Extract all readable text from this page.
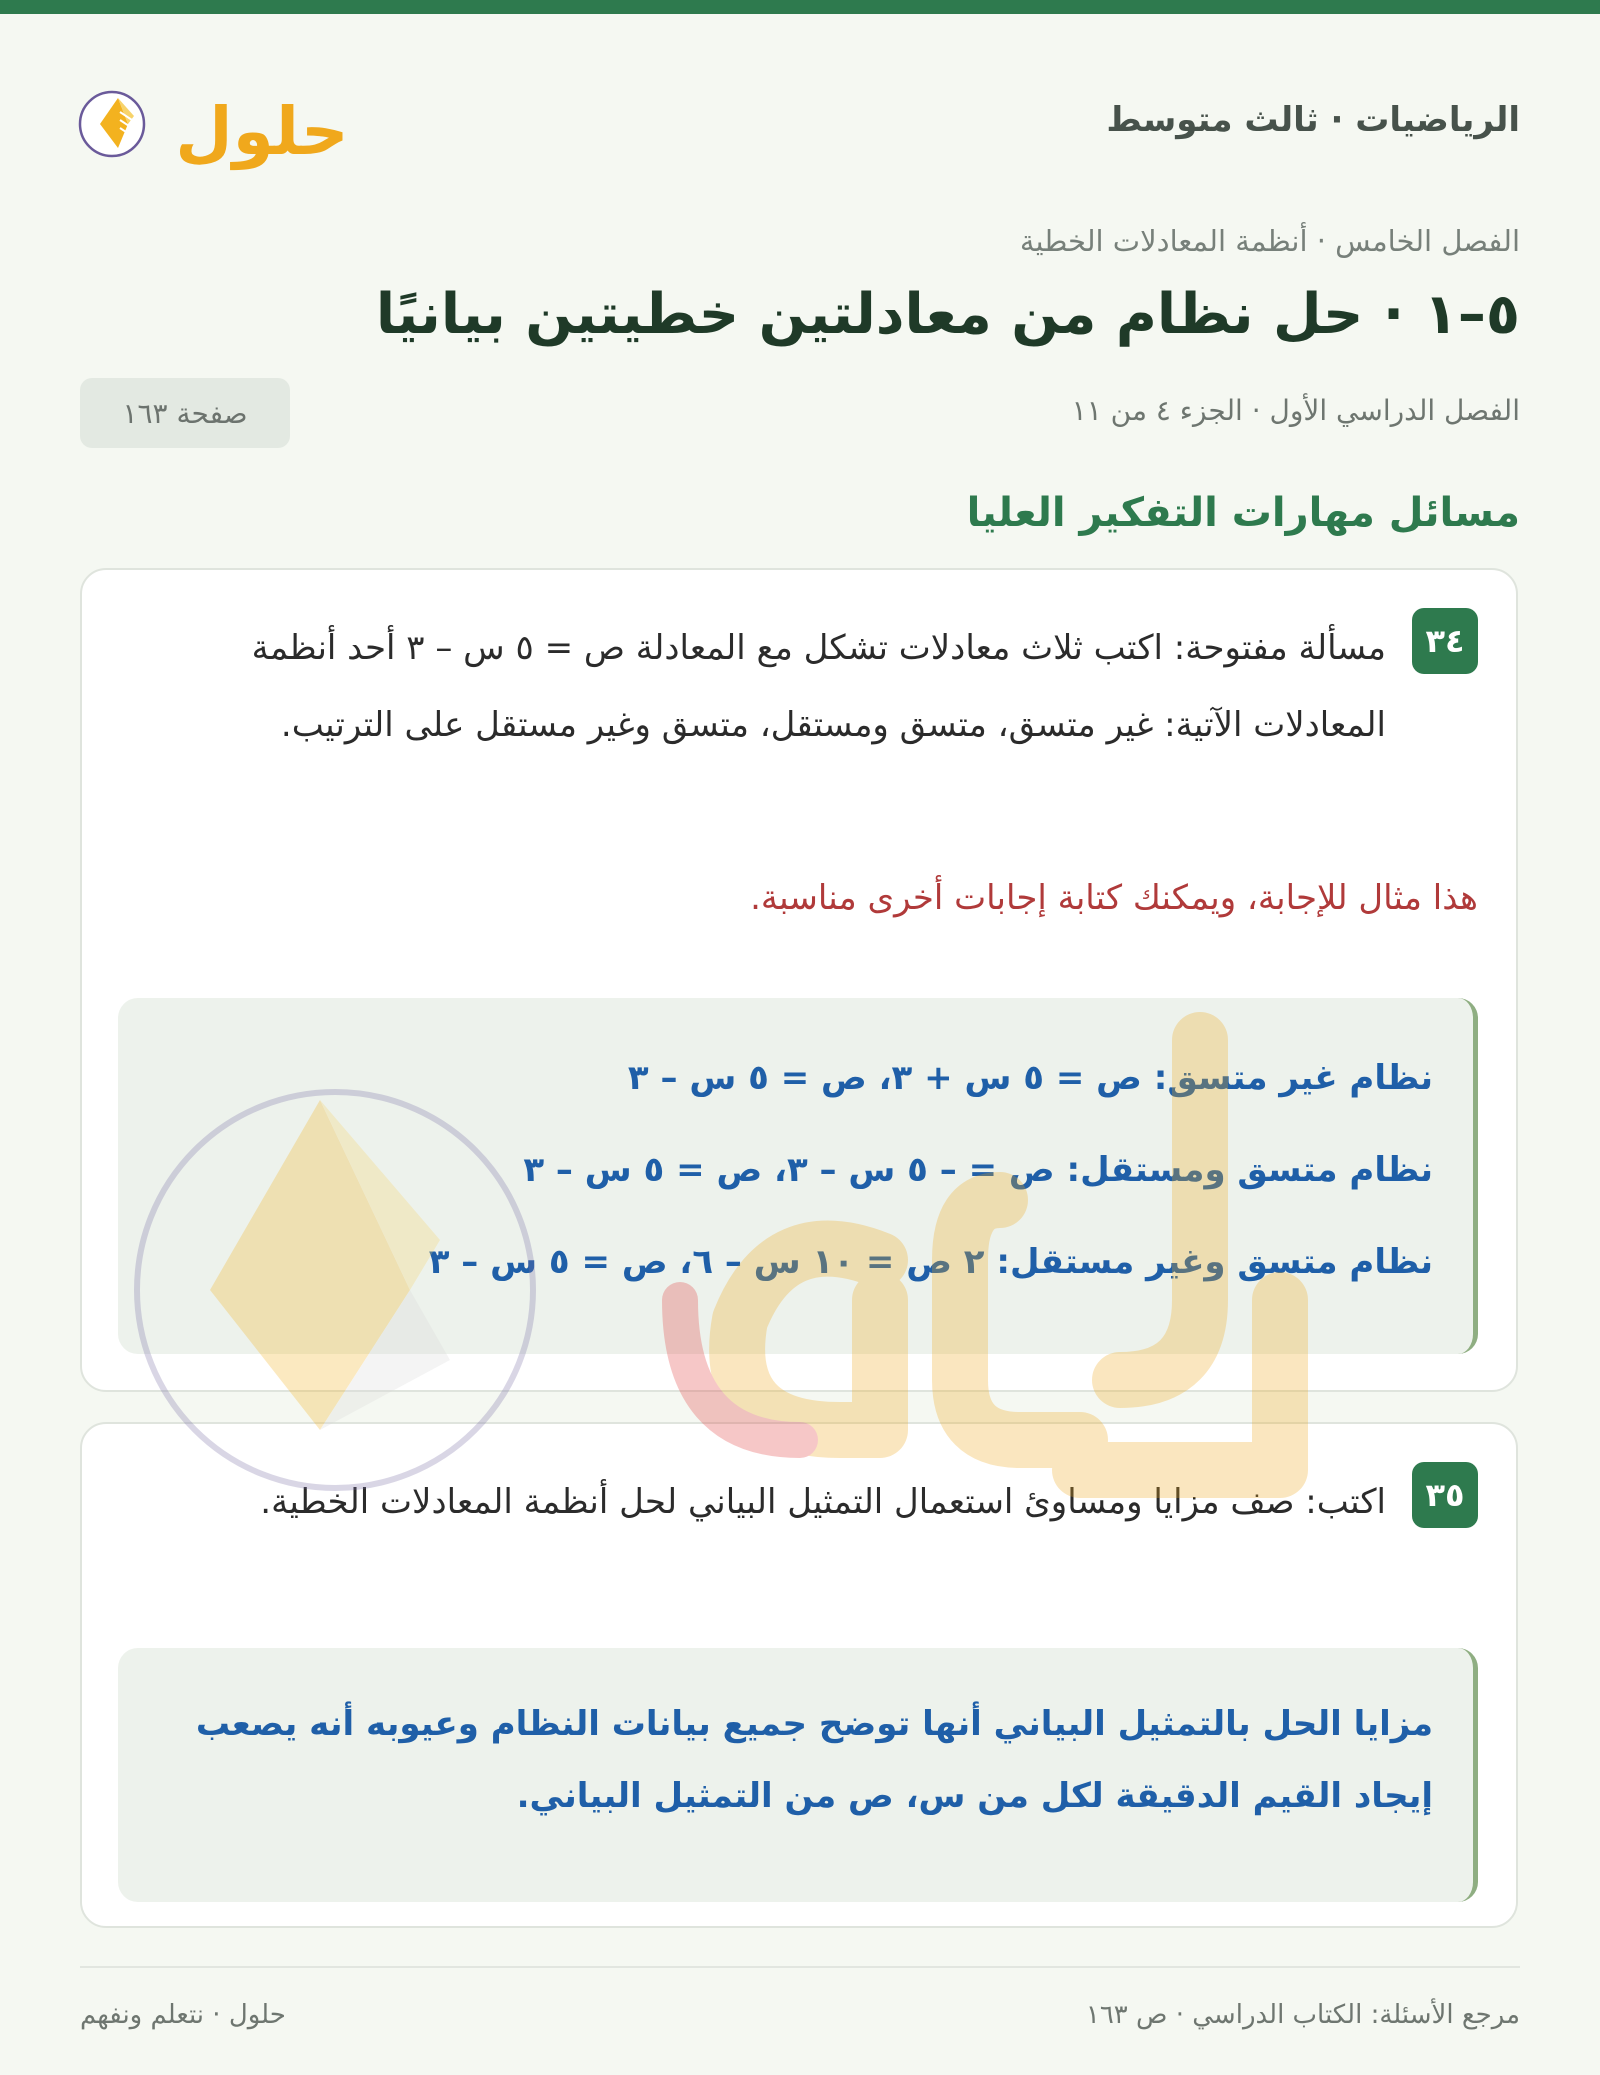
الرياضيات · ثالث متوسط
حلول
الفصل الخامس · أنظمة المعادلات الخطية
٥–١ · حل نظام من معادلتين خطيتين بيانيًا
الفصل الدراسي الأول · الجزء ٤ من ١١
صفحة ١٦٣
مسائل مهارات التفكير العليا
٣٤
مسألة مفتوحة: اكتب ثلاث معادلات تشكل مع المعادلة ص = ٥ س – ٣ أحد أنظمة المعادلات الآتية: غير متسق، متسق ومستقل، متسق وغير مستقل على الترتيب.
هذا مثال للإجابة، ويمكنك كتابة إجابات أخرى مناسبة.
نظام غير متسق: ص = ٥ س + ٣، ص = ٥ س – ٣
نظام متسق ومستقل: ص = – ٥ س – ٣، ص = ٥ س – ٣
نظام متسق وغير مستقل: ٢ ص = ١٠ س – ٦، ص = ٥ س – ٣
٣٥
اكتب: صف مزايا ومساوئ استعمال التمثيل البياني لحل أنظمة المعادلات الخطية.

مزايا الحل بالتمثيل البياني أنها توضح جميع بيانات النظام وعيوبه أنه يصعب إيجاد القيم الدقيقة لكل من س، ص من التمثيل البياني.

مرجع الأسئلة: الكتاب الدراسي · ص ١٦٣
حلول · نتعلم ونفهم
